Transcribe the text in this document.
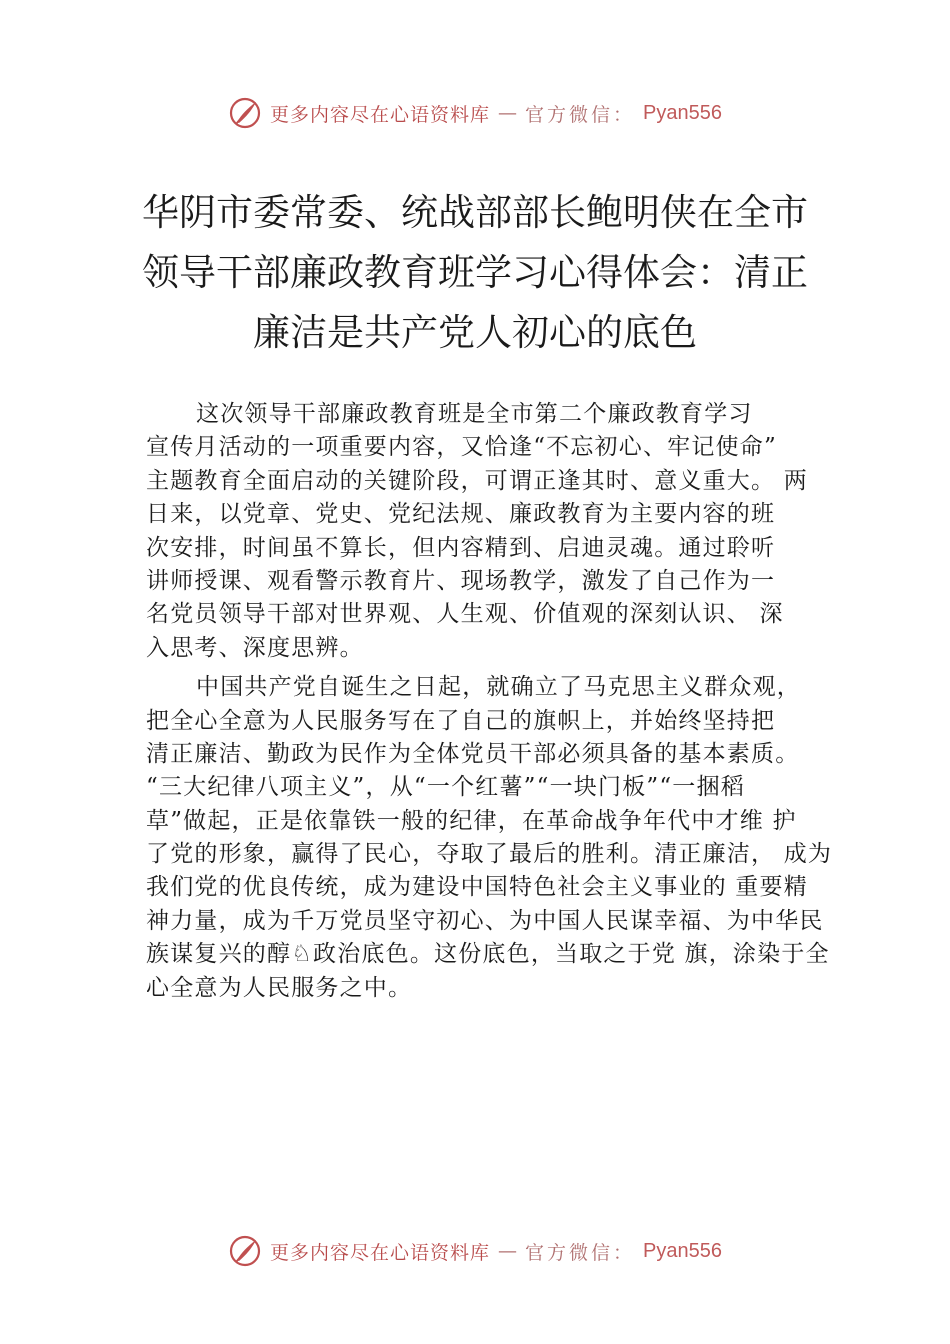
更多内容尽在心语资料库 — 官方微信： Pyan556
华阴市委常委、统战部部长鲍明侠在全市
领导干部廉政教育班学习心得体会：清正
廉洁是共产党人初心的底色
这次领导干部廉政教育班是全市第二个廉政教育学习
宣传月活动的一项重要内容，又恰逢“不忘初心、牢记使命”
主题教育全面启动的关键阶段，可谓正逢其时、意义重大。 两
日来，以党章、党史、党纪法规、廉政教育为主要内容的班
次安排，时间虽不算长，但内容精到、启迪灵魂。通过聆听
讲师授课、观看警示教育片、现场教学，激发了自己作为一
名党员领导干部对世界观、人生观、价值观的深刻认识、 深
入思考、深度思辨。
中国共产党自诞生之日起，就确立了马克思主义群众观，
把全心全意为人民服务写在了自己的旗帜上，并始终坚持把
清正廉洁、勤政为民作为全体党员干部必须具备的基本素质。
“三大纪律八项主义”，从“一个红薯”“一块门板”“一捆稻
草”做起，正是依靠铁一般的纪律，在革命战争年代中才维 护
了党的形象，赢得了民心，夺取了最后的胜利。清正廉洁， 成为
我们党的优良传统，成为建设中国特色社会主义事业的 重要精
神力量，成为千万党员坚守初心、为中国人民谋幸福、为中华民
族谋复兴的醇♘政治底色。这份底色，当取之于党 旗，涂染于全
心全意为人民服务之中。
更多内容尽在心语资料库 — 官方微信： Pyan556
